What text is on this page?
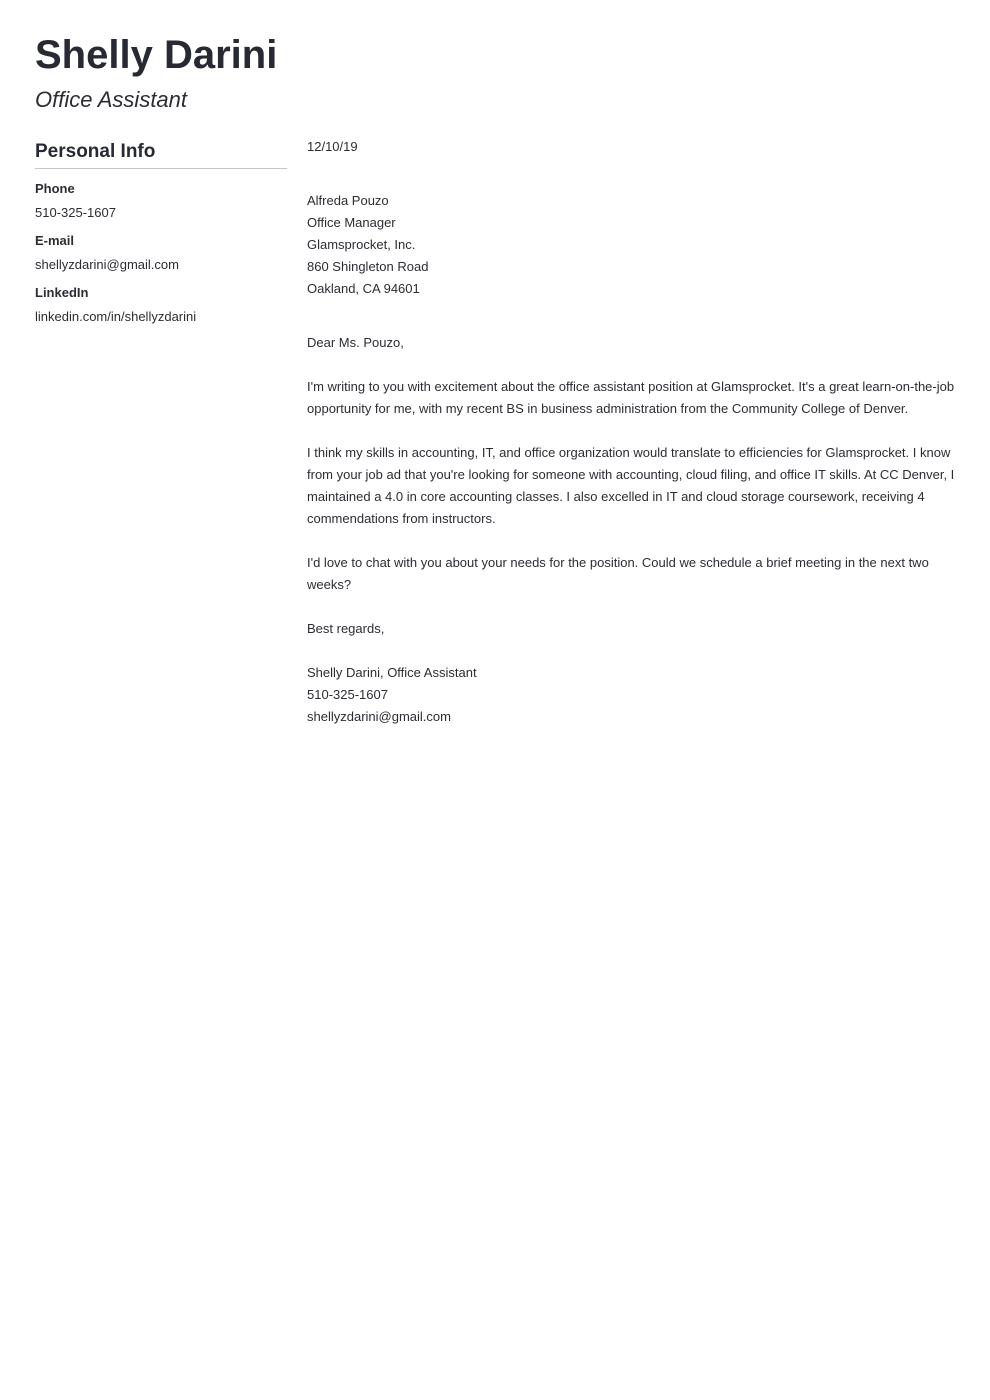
Shelly Darini
Office Assistant
Personal Info
Phone
510-325-1607
E-mail
shellyzdarini@gmail.com
LinkedIn
linkedin.com/in/shellyzdarini

12/10/19

Alfreda Pouzo
Office Manager
Glamsprocket, Inc.
860 Shingleton Road
Oakland, CA 94601

Dear Ms. Pouzo,

I'm writing to you with excitement about the office assistant position at Glamsprocket. It's a great learn-on-the-job opportunity for me, with my recent BS in business administration from the Community College of Denver.

I think my skills in accounting, IT, and office organization would translate to efficiencies for Glamsprocket. I know from your job ad that you're looking for someone with accounting, cloud filing, and office IT skills. At CC Denver, I maintained a 4.0 in core accounting classes. I also excelled in IT and cloud storage coursework, receiving 4 commendations from instructors.

I'd love to chat with you about your needs for the position. Could we schedule a brief meeting in the next two weeks?

Best regards,

Shelly Darini, Office Assistant
510-325-1607
shellyzdarini@gmail.com
